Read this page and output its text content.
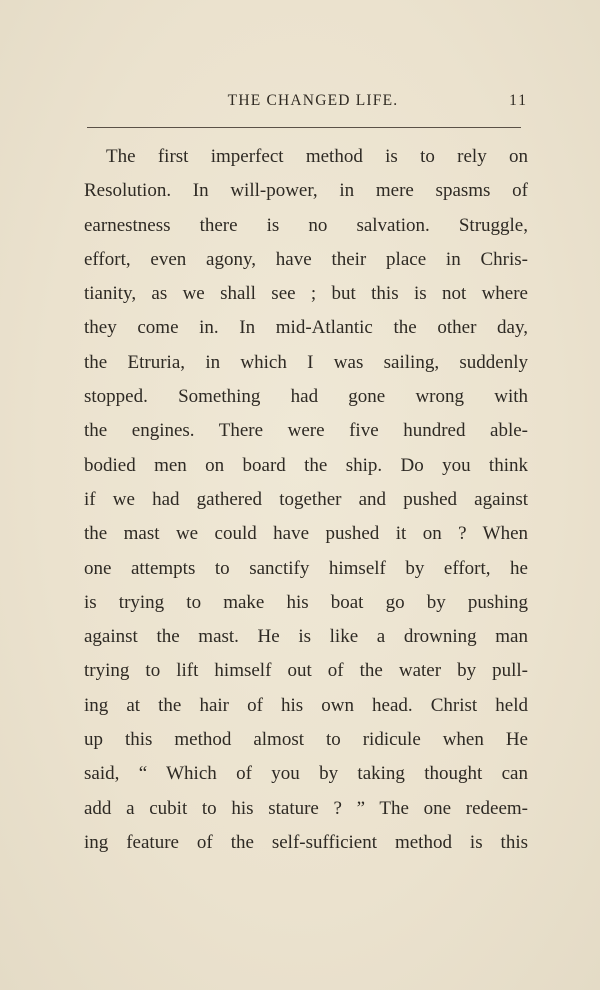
THE CHANGED LIFE.	11
The first imperfect method is to rely on
Resolution. In will-power, in mere spasms of
earnestness there is no salvation. Struggle,
effort, even agony, have their place in Chris-
tianity, as we shall see ; but this is not where
they come in. In mid-Atlantic the other day,
the Etruria, in which I was sailing, suddenly
stopped. Something had gone wrong with
the engines. There were five hundred able-
bodied men on board the ship. Do you think
if we had gathered together and pushed against
the mast we could have pushed it on ? When
one attempts to sanctify himself by effort, he
is trying to make his boat go by pushing
against the mast. He is like a drowning man
trying to lift himself out of the water by pull-
ing at the hair of his own head. Christ held
up this method almost to ridicule when He
said, “ Which of you by taking thought can
add a cubit to his stature ? ” The one redeem-
ing feature of the self-sufficient method is this
